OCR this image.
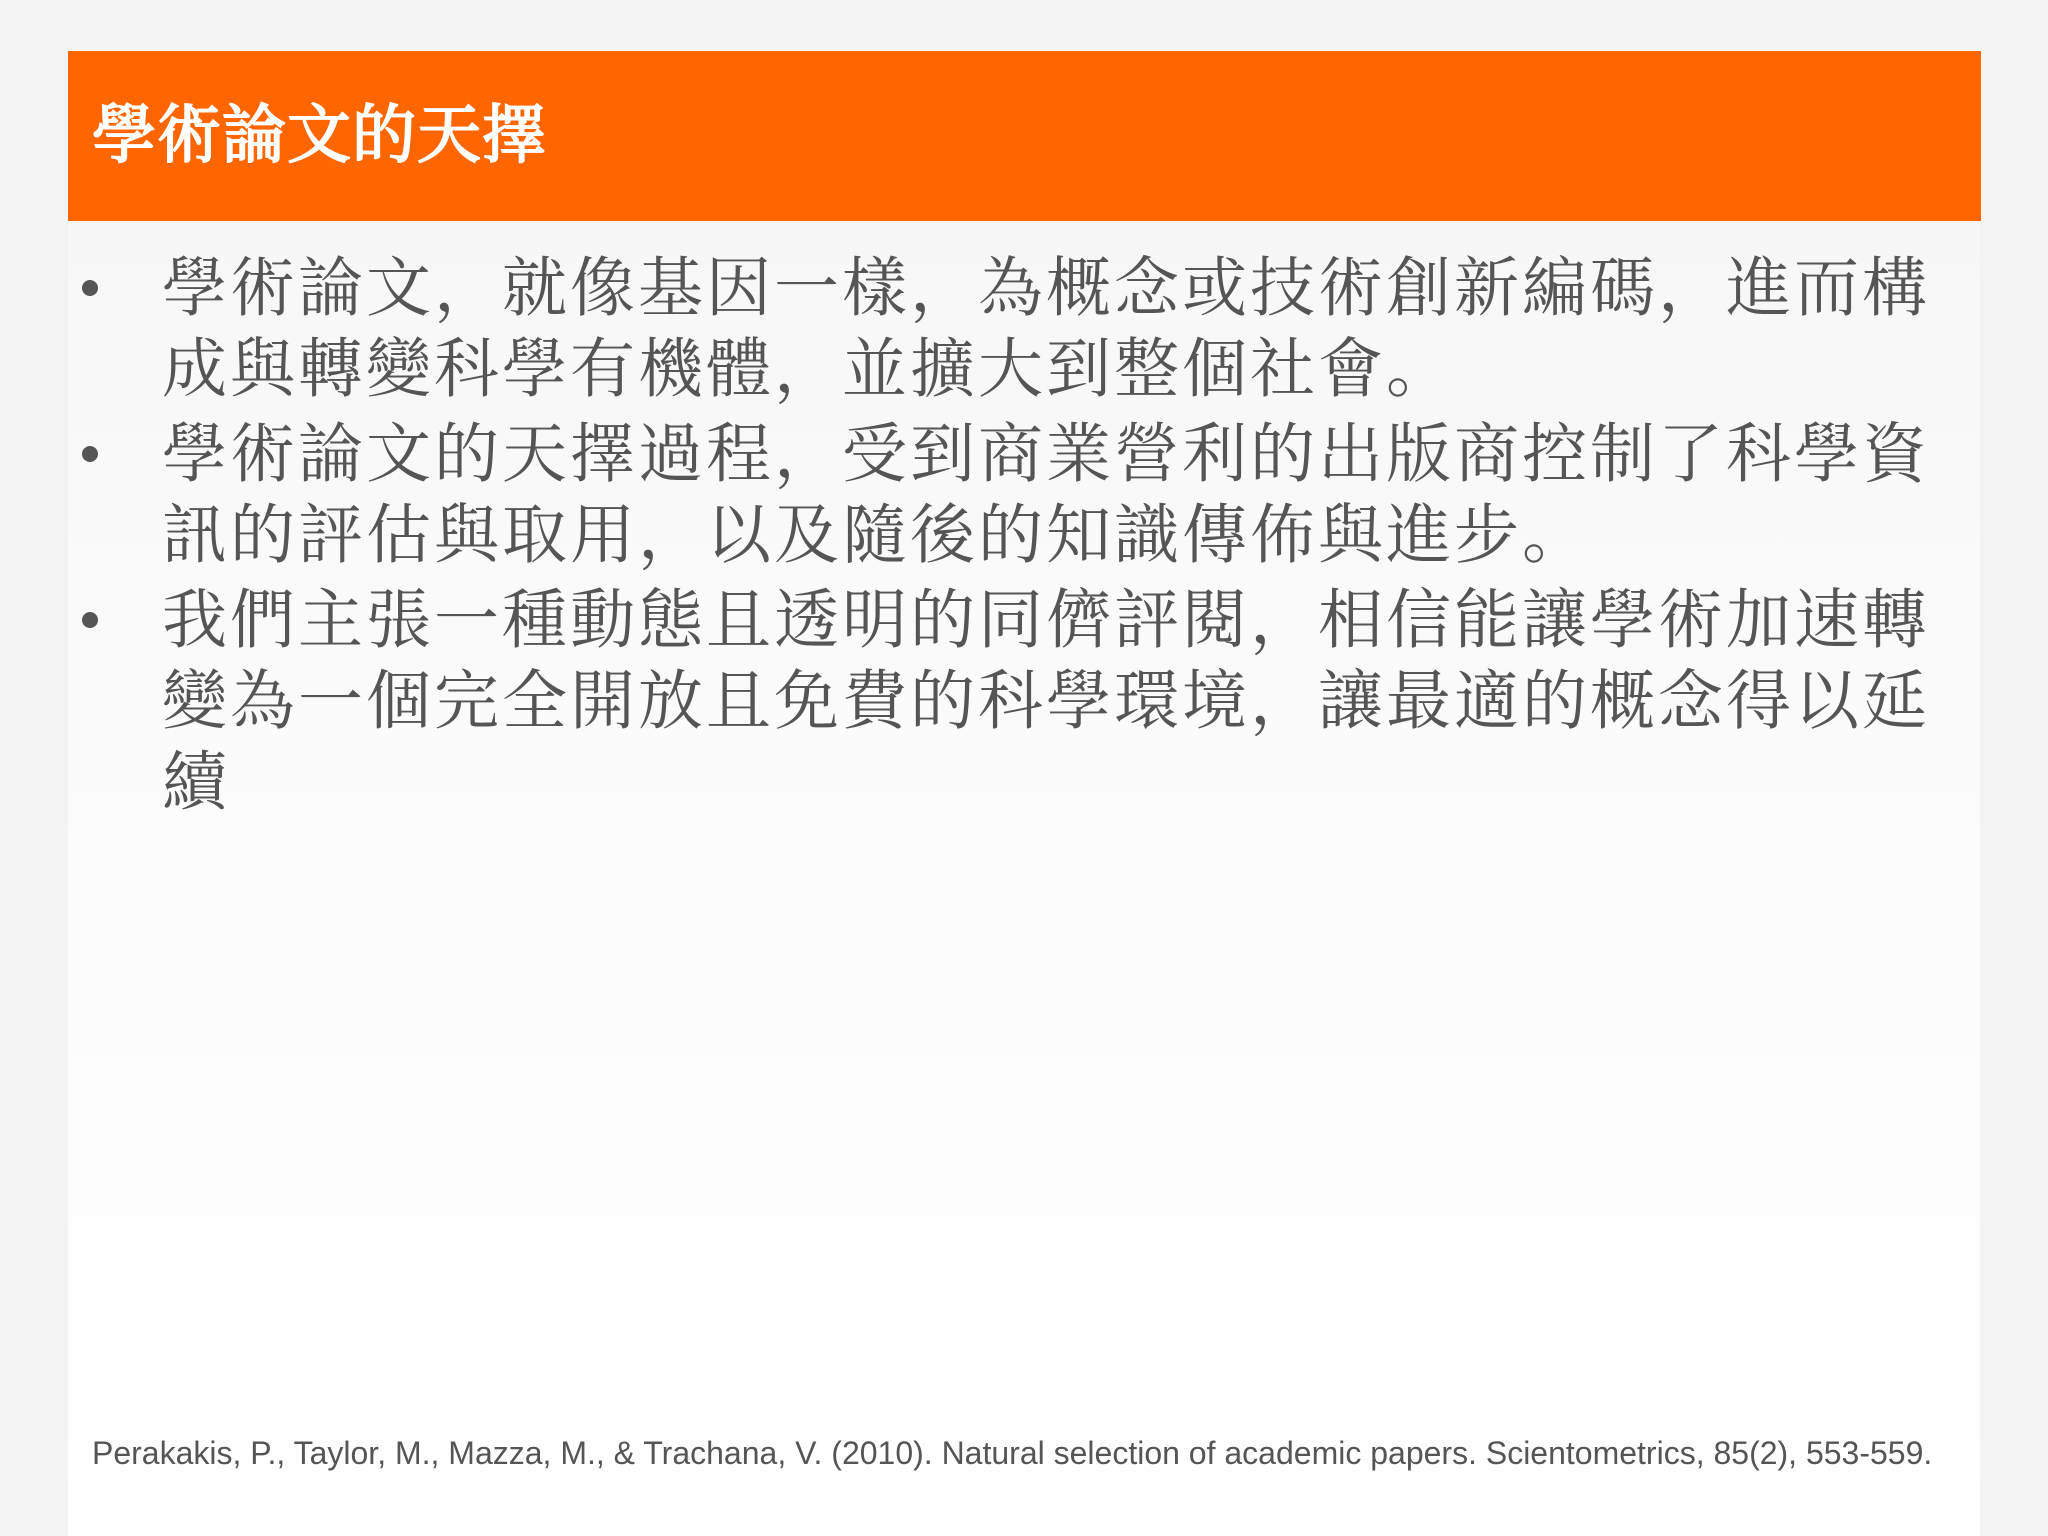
學術論文的天擇
學術論文，就像基因一樣，為概念或技術創新編碼，進而構成與轉變科學有機體，並擴大到整個社會。
學術論文的天擇過程，受到商業營利的出版商控制了科學資訊的評估與取用，以及隨後的知識傳佈與進步。
我們主張一種動態且透明的同儕評閱，相信能讓學術加速轉變為一個完全開放且免費的科學環境，讓最適的概念得以延續
Perakakis, P., Taylor, M., Mazza, M., & Trachana, V. (2010). Natural selection of academic papers. Scientometrics, 85(2), 553-559.
